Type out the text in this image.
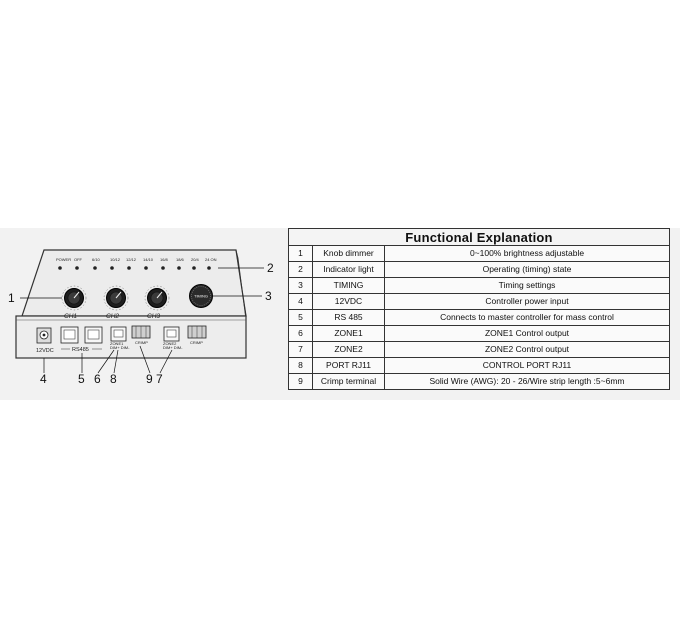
POWER OFF	6/10	10/12 12/12 14/10 16/8 18/6 20/4 24 ON
CH1	CH2	CH3
TIMING
12VDC	RS485
ZONE1
DIM+ DIM-
CRIMP	ZONE2
DIM+ DIM-
CRIMP
1
2
3
4	5 6 8 9 7
Functional Explanation		
1	Knob dimmer	0~100% brightness adjustable
2	Indicator light	Operating (timing) state
3	TIMING	Timing settings
4	12VDC	Controller power input
5	RS 485	Connects to master controller for mass control
6	ZONE1	ZONE1 Control output
7	ZONE2	ZONE2 Control output
8	PORT RJ11	CONTROL PORT RJ11
9	Crimp terminal	Solid Wire (AWG): 20 - 26/Wire strip length :5~6mm
